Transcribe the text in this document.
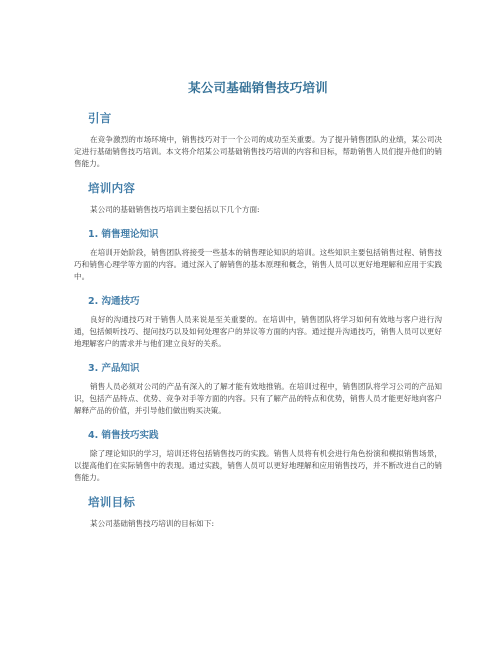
某公司基础销售技巧培训
引言

在竞争激烈的市场环境中，销售技巧对于一个公司的成功至关重要。为了提升销售团队的业绩，某公司决定进行基础销售技巧培训。本文将介绍某公司基础销售技巧培训的内容和目标，帮助销售人员们提升他们的销售能力。

培训内容

某公司的基础销售技巧培训主要包括以下几个方面:

1. 销售理论知识

在培训开始阶段，销售团队将接受一些基本的销售理论知识的培训。这些知识主要包括销售过程、销售技巧和销售心理学等方面的内容。通过深入了解销售的基本原理和概念，销售人员可以更好地理解和应用于实践中。

2. 沟通技巧

良好的沟通技巧对于销售人员来说是至关重要的。在培训中，销售团队将学习如何有效地与客户进行沟通，包括倾听技巧、提问技巧以及如何处理客户的异议等方面的内容。通过提升沟通技巧，销售人员可以更好地理解客户的需求并与他们建立良好的关系。

3. 产品知识

销售人员必须对公司的产品有深入的了解才能有效地推销。在培训过程中，销售团队将学习公司的产品知识，包括产品特点、优势、竞争对手等方面的内容。只有了解产品的特点和优势，销售人员才能更好地向客户解释产品的价值，并引导他们做出购买决策。

4. 销售技巧实践

除了理论知识的学习，培训还将包括销售技巧的实践。销售人员将有机会进行角色扮演和模拟销售场景，以提高他们在实际销售中的表现。通过实践，销售人员可以更好地理解和应用销售技巧，并不断改进自己的销售能力。

培训目标

某公司基础销售技巧培训的目标如下:
